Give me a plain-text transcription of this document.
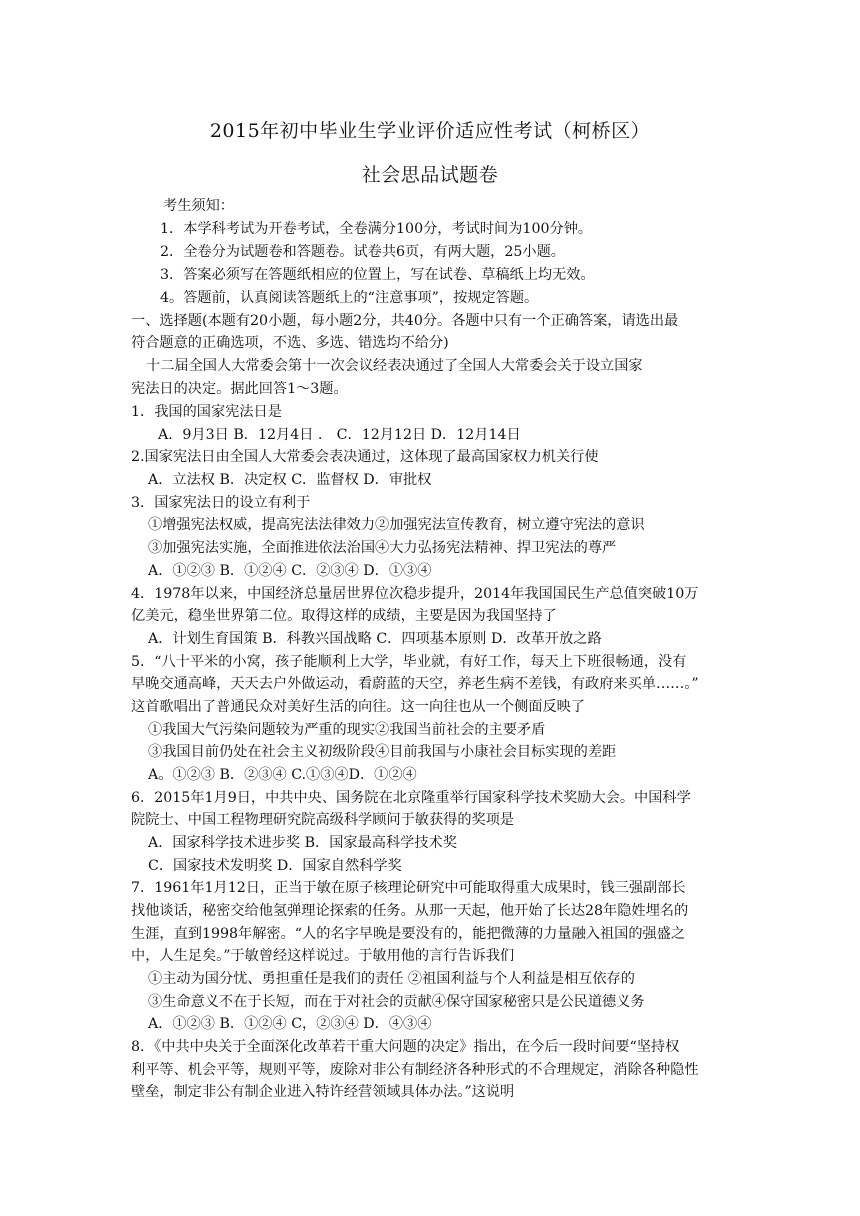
2015年初中毕业生学业评价适应性考试（柯桥区）
社会思品试题卷
考生须知：
1．本学科考试为开卷考试，全卷满分100分，考试时间为100分钟。
2．全卷分为试题卷和答题卷。试卷共6页，有两大题，25小题。
3．答案必须写在答题纸相应的位置上，写在试卷、草稿纸上均无效。
4。答题前，认真阅读答题纸上的“注意事项”，按规定答题。
一、选择题(本题有20小题，每小题2分，共40分。各题中只有一个正确答案，请选出最
符合题意的正确选项，不选、多选、错选均不给分)
十二届全国人大常委会第十一次会议经表决通过了全国人大常委会关于设立国家
宪法日的决定。据此回答1～3题。
1．我国的国家宪法日是
A．9月3日 B．12月4日 ． C．12月12日 D．12月14日
2.国家宪法日由全国人大常委会表决通过，这体现了最高国家权力机关行使
A．立法权 B．决定权 C．监督权 D．审批权
3．国家宪法日的设立有利于
①增强宪法权威，提高宪法法律效力②加强宪法宣传教育，树立遵守宪法的意识
③加强宪法实施，全面推进依法治国④大力弘扬宪法精神、捍卫宪法的尊严
A．①②③ B．①②④ C．②③④ D．①③④
4．1978年以来，中国经济总量居世界位次稳步提升，2014年我国国民生产总值突破10万
亿美元，稳坐世界第二位。取得这样的成绩，主要是因为我国坚持了
A．计划生育国策 B．科教兴国战略 C．四项基本原则 D．改革开放之路
5．“八十平米的小窝，孩子能顺利上大学，毕业就，有好工作，每天上下班很畅通，没有
早晚交通高峰，天天去户外做运动，看蔚蓝的天空，养老生病不差钱，有政府来买单……。”
这首歌唱出了普通民众对美好生活的向往。这一向往也从一个侧面反映了
①我国大气污染问题较为严重的现实②我国当前社会的主要矛盾
③我国目前仍处在社会主义初级阶段④目前我国与小康社会目标实现的差距
A。①②③ B．②③④ C.①③④D．①②④
6．2015年1月9日，中共中央、国务院在北京隆重举行国家科学技术奖励大会。中国科学
院院士、中国工程物理研究院高级科学顾问于敏获得的奖项是
A．国家科学技术进步奖 B．国家最高科学技术奖
C．国家技术发明奖 D．国家自然科学奖
7．1961年1月12日，正当于敏在原子核理论研究中可能取得重大成果时，钱三强副部长
找他谈话，秘密交给他氢弹理论探索的任务。从那一天起，他开始了长达28年隐姓埋名的
生涯，直到1998年解密。“人的名字早晚是要没有的，能把微薄的力量融入祖国的强盛之
中，人生足矣。”于敏曾经这样说过。于敏用他的言行告诉我们
①主动为国分忧、勇担重任是我们的责任 ②祖国利益与个人利益是相互依存的
③生命意义不在于长短，而在于对社会的贡献④保守国家秘密只是公民道德义务
A．①②③ B．①②④ C，②③④ D．④③④
8．《中共中央关于全面深化改革若干重大问题的决定》指出，在今后一段时间要“坚持权
利平等、机会平等，规则平等，废除对非公有制经济各种形式的不合理规定，消除各种隐性
壁垒，制定非公有制企业进入特许经营领域具体办法。”这说明
